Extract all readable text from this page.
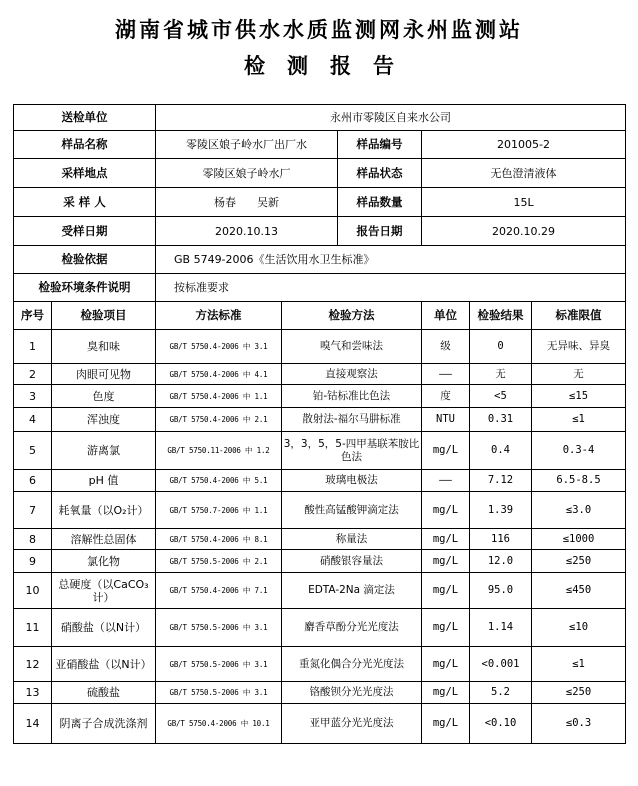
湖南省城市供水水质监测网永州监测站
检测报告
送检单位		永州市零陵区自来水公司					
样品名称		零陵区娘子岭水厂出厂水		样品编号	201005-2		
采样地点		零陵区娘子岭水厂		样品状态	无色澄清液体		
采 样 人		杨春      吴新		样品数量	15L		
受样日期		2020.10.13		报告日期	2020.10.29		
检验依据		GB 5749-2006《生活饮用水卫生标准》					
检验环境条件说明		按标准要求					
序号	检验项目	方法标准	检验方法		单位	检验结果	标准限值
1	臭和味	GB/T 5750.4-2006 中 3.1	嗅气和尝味法		级	0	无异味、异臭
2	肉眼可见物	GB/T 5750.4-2006 中 4.1	直接观察法		——	无	无
3	色度	GB/T 5750.4-2006 中 1.1	铂-钴标准比色法		度	<5	≤15
4	浑浊度	GB/T 5750.4-2006 中 2.1	散射法-福尔马肼标准		NTU	0.31	≤1
5	游离氯	GB/T 5750.11-2006 中 1.2	3，3，5，5-四甲基联苯胺比色法		mg/L	0.4	0.3-4
6	pH 值	GB/T 5750.4-2006 中 5.1	玻璃电极法		——	7.12	6.5-8.5
7	耗氧量（以O₂计）	GB/T 5750.7-2006 中 1.1	酸性高锰酸钾滴定法		mg/L	1.39	≤3.0
8	溶解性总固体	GB/T 5750.4-2006 中 8.1	称量法		mg/L	116	≤1000
9	氯化物	GB/T 5750.5-2006 中 2.1	硝酸银容量法		mg/L	12.0	≤250
10	总硬度（以CaCO₃计）	GB/T 5750.4-2006 中 7.1	EDTA-2Na 滴定法		mg/L	95.0	≤450
11	硝酸盐（以N计）	GB/T 5750.5-2006 中 3.1	麝香草酚分光光度法		mg/L	1.14	≤10
12	亚硝酸盐（以N计）	GB/T 5750.5-2006 中 3.1	重氮化偶合分光光度法		mg/L	<0.001	≤1
13	硫酸盐	GB/T 5750.5-2006 中 3.1	铬酸钡分光光度法		mg/L	5.2	≤250
14	阴离子合成洗涤剂	GB/T 5750.4-2006 中 10.1	亚甲蓝分光光度法		mg/L	<0.10	≤0.3
